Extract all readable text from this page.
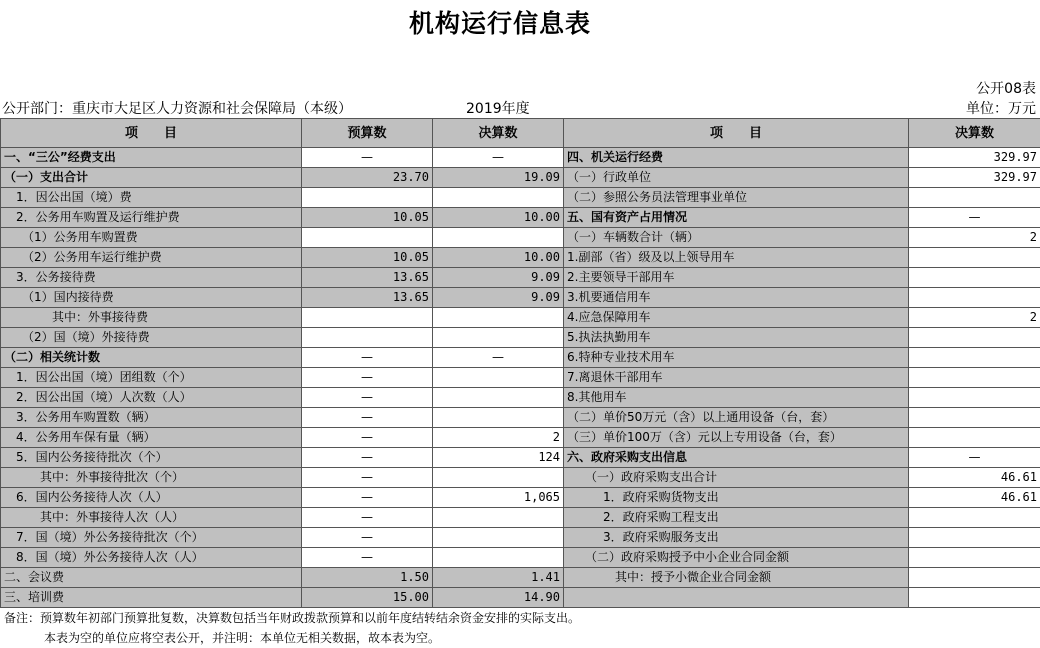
机构运行信息表
公开08表
公开部门：重庆市大足区人力资源和社会保障局（本级）	2019年度	单位：万元
项　　目	预算数	决算数	项　　目	决算数
一、“三公”经费支出	—	—	四、机关运行经费	329.97
（一）支出合计	23.70	19.09	（一）行政单位	329.97
　1．因公出国（境）费			（二）参照公务员法管理事业单位	
　2．公务用车购置及运行维护费	10.05	10.00	五、国有资产占用情况	—
　　（1）公务用车购置费			（一）车辆数合计（辆）	2
　　（2）公务用车运行维护费	10.05	10.00	1.副部（省）级及以上领导用车	
　3．公务接待费	13.65	9.09	2.主要领导干部用车	
　　（1）国内接待费	13.65	9.09	3.机要通信用车	
　　　　其中：外事接待费			4.应急保障用车	2
　　（2）国（境）外接待费			5.执法执勤用车	
（二）相关统计数	—	—	6.特种专业技术用车	
　1．因公出国（境）团组数（个）	—		7.离退休干部用车	
　2．因公出国（境）人次数（人）	—		8.其他用车	
　3．公务用车购置数（辆）	—		（二）单价50万元（含）以上通用设备（台，套）	
　4．公务用车保有量（辆）	—	2	（三）单价100万（含）元以上专用设备（台，套）	
　5．国内公务接待批次（个）	—	124	六、政府采购支出信息	—
　　　其中：外事接待批次（个）	—		　　（一）政府采购支出合计	46.61
　6．国内公务接待人次（人）	—	1,065	　　　1．政府采购货物支出	46.61
　　　其中：外事接待人次（人）	—		　　　2．政府采购工程支出	
　7．国（境）外公务接待批次（个）	—		　　　3．政府采购服务支出	
　8．国（境）外公务接待人次（人）	—		　　（二）政府采购授予中小企业合同金额	
二、会议费	1.50	1.41	　　　　其中：授予小微企业合同金额	
三、培训费	15.00	14.90		
备注：预算数年初部门预算批复数，决算数包括当年财政拨款预算和以前年度结转结余资金安排的实际支出。
本表为空的单位应将空表公开，并注明：本单位无相关数据，故本表为空。
